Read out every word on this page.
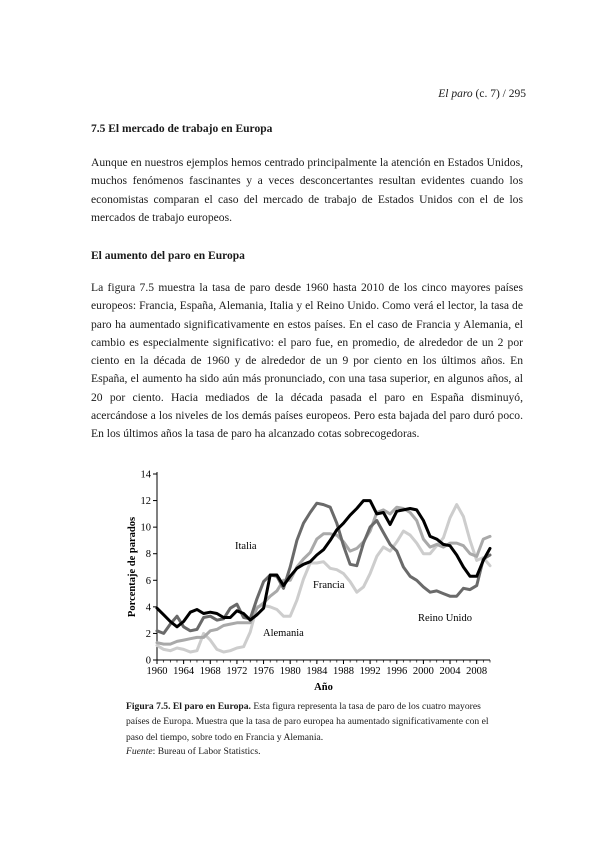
El paro (c. 7) / 295
7.5 El mercado de trabajo en Europa

Aunque en nuestros ejemplos hemos centrado principalmente la atención en Estados Unidos, muchos fenómenos fascinantes y a veces desconcertantes resultan evidentes cuando los economistas comparan el caso del mercado de trabajo de Estados Unidos con el de los mercados de trabajo europeos.

El aumento del paro en Europa

La figura 7.5 muestra la tasa de paro desde 1960 hasta 2010 de los cinco mayores países europeos: Francia, España, Alemania, Italia y el Reino Unido. Como verá el lector, la tasa de paro ha aumentado significativamente en estos países. En el caso de Francia y Alemania, el cambio es especialmente significativo: el paro fue, en promedio, de alrededor de un 2 por ciento en la década de 1960 y de alrededor de un 9 por ciento en los últimos años. En España, el aumento ha sido aún más pronunciado, con una tasa superior, en algunos años, al 20 por ciento. Hacia mediados de la década pasada el paro en España disminuyó, acercándose a los niveles de los demás países europeos. Pero esta bajada del paro duró poco. En los últimos años la tasa de paro ha alcanzado cotas sobrecogedoras.

0
2
4
6
8
10
12
14
1960 1964 1968 1972 1976 1980 1984 1988 1992 1996 2000 2004 2008
Año
Porcentaje de parados	Italia
Francia
Alemania
Reino Unido

Figura 7.5. El paro en Europa. Esta figura representa la tasa de paro de los cuatro mayores países de Europa. Muestra que la tasa de paro europea ha aumentado significativamente con el paso del tiempo, sobre todo en Francia y Alemania.

Fuente: Bureau of Labor Statistics.
